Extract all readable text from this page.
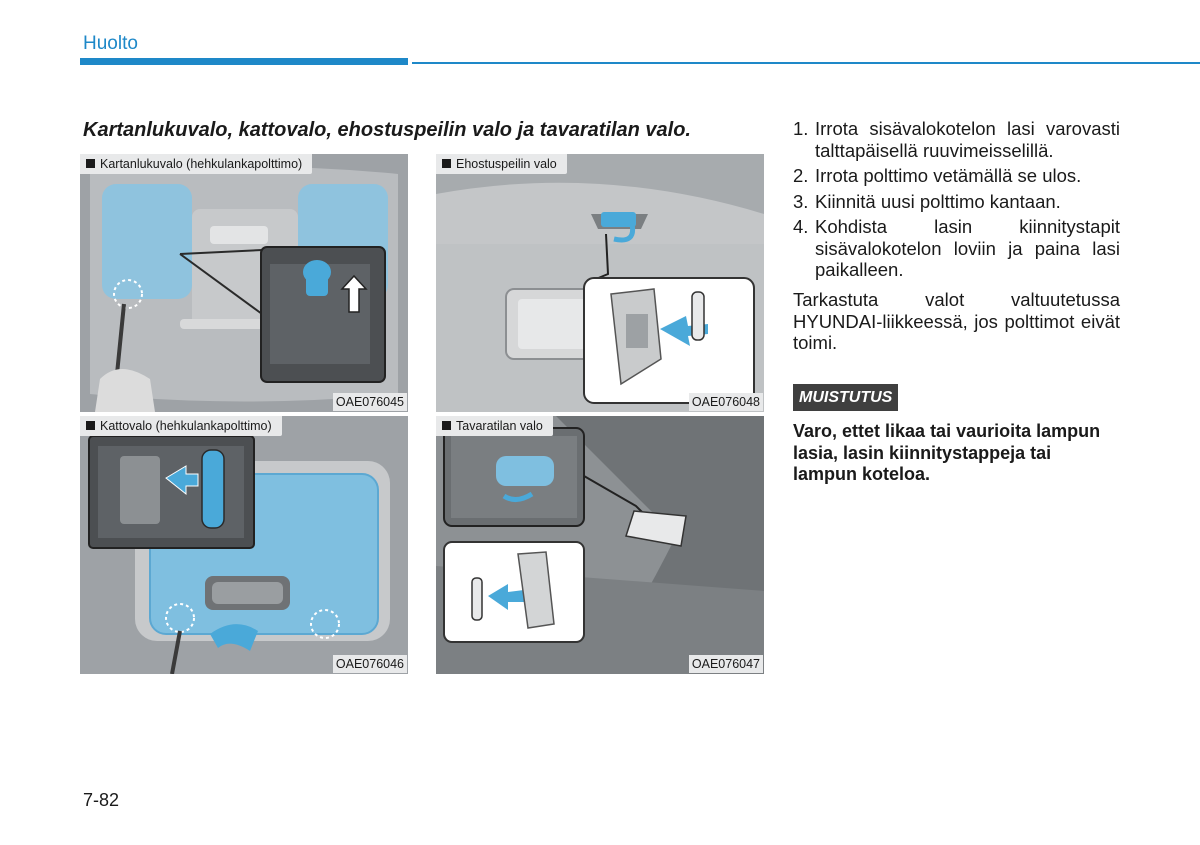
Huolto
Kartanlukuvalo, kattovalo, ehostuspeilin valo ja tavaratilan valo.
Kartanlukuvalo (hehkulankapolttimo)
OAE076045
Ehostuspeilin valo
OAE076048
Kattovalo (hehkulankapolttimo)
OAE076046
Tavaratilan valo
OAE076047
1. Irrota sisävalokotelon lasi varovasti talttapäisellä ruuvimeisselillä.
2. Irrota polttimo vetämällä se ulos.
3. Kiinnitä uusi polttimo kantaan.
4. Kohdista lasin kiinnitystapit sisävalokotelon loviin ja paina lasi paikalleen.
Tarkastuta valot valtuutetussa HYUNDAI-liikkeessä, jos polttimot eivät toimi.
MUISTUTUS
Varo, ettet likaa tai vaurioita lampun lasia, lasin kiinnitystappeja tai lampun koteloa.
7-82
